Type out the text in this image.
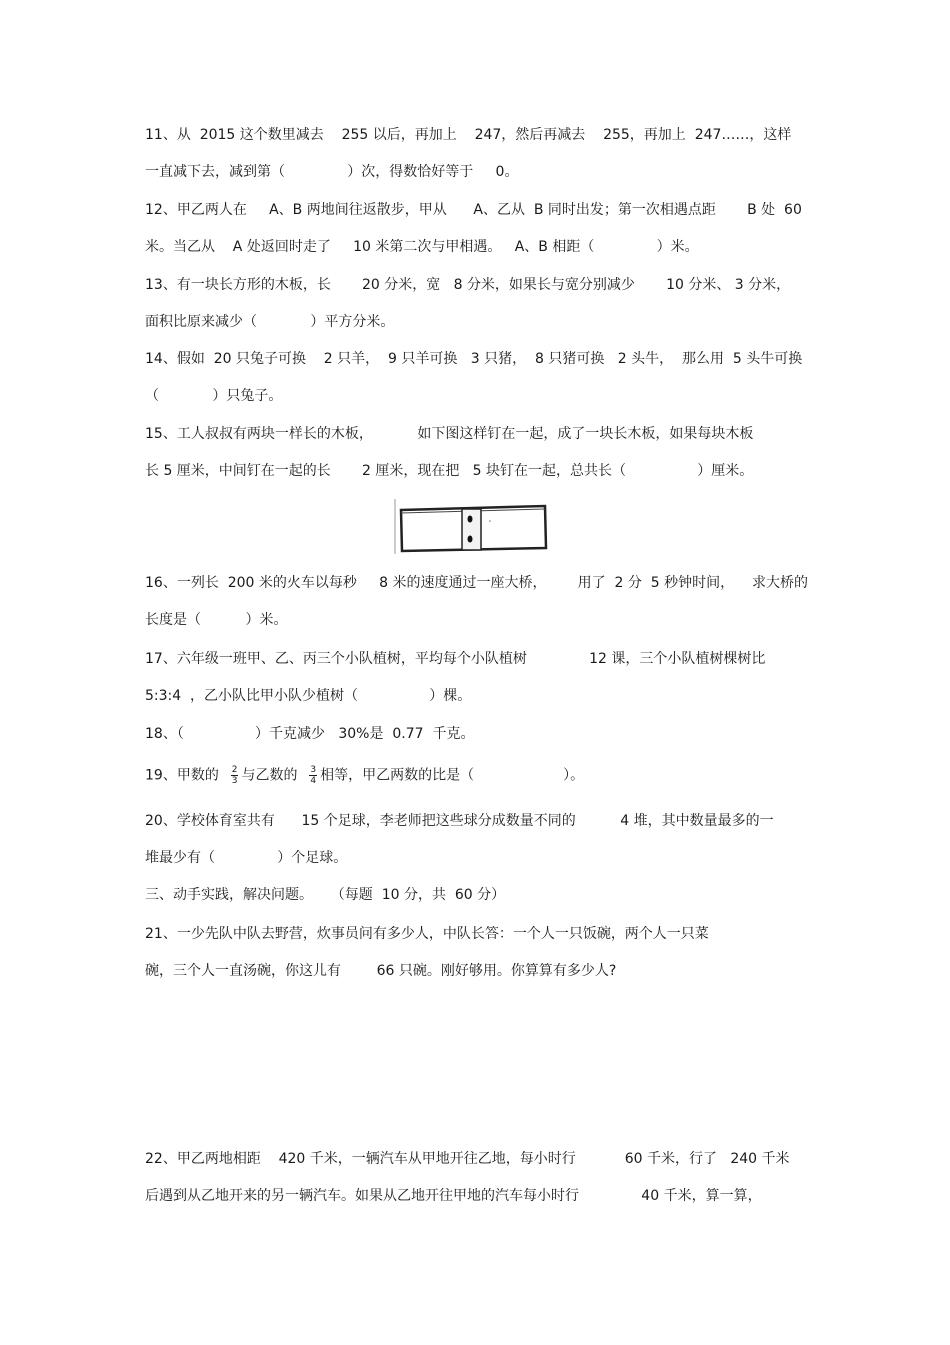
11、从  2015 这个数里减去    255 以后，再加上    247，然后再减去    255，再加上  247……，这样

一直减下去，减到第（              ）次，得数恰好等于     0。

12、甲乙两人在     A、B 两地间往返散步，甲从      A、乙从  B 同时出发；第一次相遇点距       B 处  60

米。当乙从    A 处返回时走了     10 米第二次与甲相遇。   A、B 相距（              ）米。

13、有一块长方形的木板，长       20 分米，宽   8 分米，如果长与宽分别减少       10 分米、 3 分米，

面积比原来减少（            ）平方分米。

14、假如  20 只兔子可换    2 只羊，  9 只羊可换   3 只猪，  8 只猪可换   2 头牛，  那么用  5 头牛可换

（            ）只兔子。

15、工人叔叔有两块一样长的木板，          如下图这样钉在一起，成了一块长木板，如果每块木板

长 5 厘米，中间钉在一起的长       2 厘米，现在把   5 块钉在一起，总共长（                ）厘米。

16、一列长  200 米的火车以每秒     8 米的速度通过一座大桥，       用了  2 分  5 秒钟时间，    求大桥的

长度是（          ）米。

17、六年级一班甲、乙、丙三个小队植树，平均每个小队植树              12 课，三个小队植树棵树比

5:3:4  ，乙小队比甲小队少植树（                ）棵。

18、（                ）千克减少   30%是  0.77  千克。

19、甲数的 $\frac{2}{3}$ 与乙数的 $\frac{3}{4}$ 相等，甲乙两数的比是（                    ）。

20、学校体育室共有      15 个足球，李老师把这些球分成数量不同的          4 堆，其中数量最多的一

堆最少有（              ）个足球。

三、动手实践，解决问题。    （每题  10 分，共  60 分）

21、一少先队中队去野营，炊事员问有多少人，中队长答：一个人一只饭碗，两个人一只菜

碗，三个人一直汤碗，你这儿有        66 只碗。刚好够用。你算算有多少人?

22、甲乙两地相距    420 千米，一辆汽车从甲地开往乙地，每小时行           60 千米，行了   240 千米

后遇到从乙地开来的另一辆汽车。如果从乙地开往甲地的汽车每小时行              40 千米，算一算，
